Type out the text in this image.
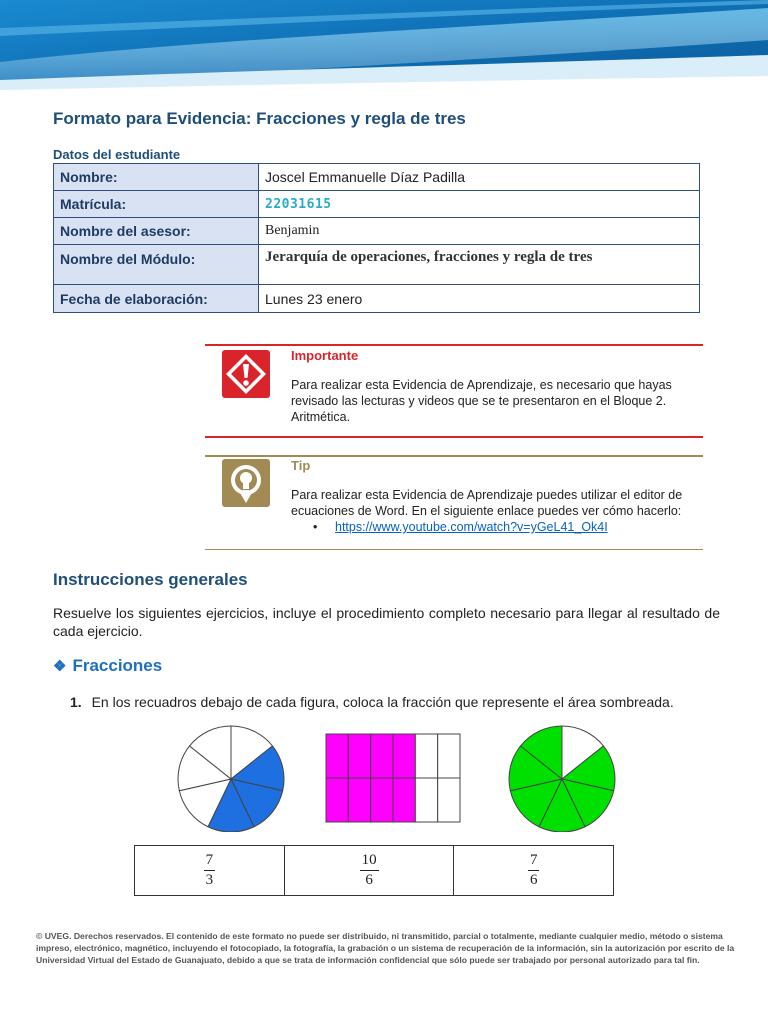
Formato para Evidencia: Fracciones y regla de tres
Datos del estudiante
Nombre:	Joscel Emmanuelle Díaz Padilla
Matrícula:	22031615
Nombre del asesor:	Benjamin
Nombre del Módulo:	Jerarquía de operaciones, fracciones y regla de tres
Fecha de elaboración:	Lunes 23 enero
Importante
Para realizar esta Evidencia de Aprendizaje, es necesario que hayas revisado las lecturas y videos que se te presentaron en el Bloque 2. Aritmética.
Tip
Para realizar esta Evidencia de Aprendizaje puedes utilizar el editor de ecuaciones de Word. En el siguiente enlace puedes ver cómo hacerlo:
• https://www.youtube.com/watch?v=yGeL41_Ok4I
Instrucciones generales
Resuelve los siguientes ejercicios, incluye el procedimiento completo necesario para llegar al resultado de cada ejercicio.
❖ Fracciones
1. En los recuadros debajo de cada figura, coloca la fracción que represente el área sombreada.
$\frac{7}{3}$	$\frac{10}{6}$	$\frac{7}{6}$
© UVEG. Derechos reservados. El contenido de este formato no puede ser distribuido, ni transmitido, parcial o totalmente, mediante cualquier medio, método o sistema impreso, electrónico, magnético, incluyendo el fotocopiado, la fotografía, la grabación o un sistema de recuperación de la información, sin la autorización por escrito de la Universidad Virtual del Estado de Guanajuato, debido a que se trata de información confidencial que sólo puede ser trabajado por personal autorizado para tal fin.
